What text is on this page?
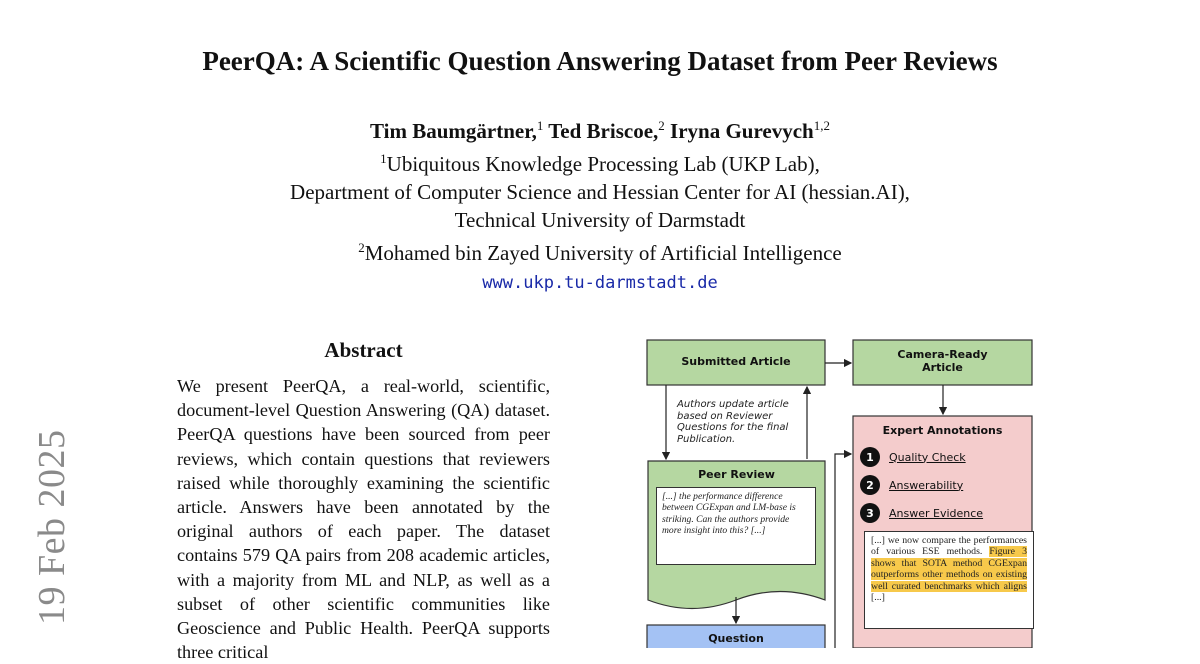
PeerQA: A Scientific Question Answering Dataset from Peer Reviews
Tim Baumgärtner,$^1$ Ted Briscoe,$^2$ Iryna Gurevych$^{1,2}$
$^1$Ubiquitous Knowledge Processing Lab (UKP Lab),
Department of Computer Science and Hessian Center for AI (hessian.AI),
Technical University of Darmstadt
$^2$Mohamed bin Zayed University of Artificial Intelligence
www.ukp.tu-darmstadt.de
19 Feb 2025
Abstract
We present PeerQA, a real-world, scientific, document-level Question Answering (QA) dataset. PeerQA questions have been sourced from peer reviews, which contain questions that reviewers raised while thoroughly examining the scientific article. Answers have been annotated by the original authors of each paper. The dataset contains 579 QA pairs from 208 academic articles, with a majority from ML and NLP, as well as a subset of other scientific communities like Geoscience and Public Health. PeerQA supports three critical
Submitted Article
Camera-Ready
Article
Authors update article
based on Reviewer
Questions for the final
Publication.
Peer Review
[...] the performance difference between CGExpan and LM-base is striking. Can the authors provide more insight into this? [...]
Expert Annotations
1	Quality Check
2	Answerability
3	Answer Evidence
[...] we now compare the performances of various ESE methods. Figure 3 shows that SOTA method CGExpan outperforms other methods on existing well curated benchmarks which aligns [...]
Question
